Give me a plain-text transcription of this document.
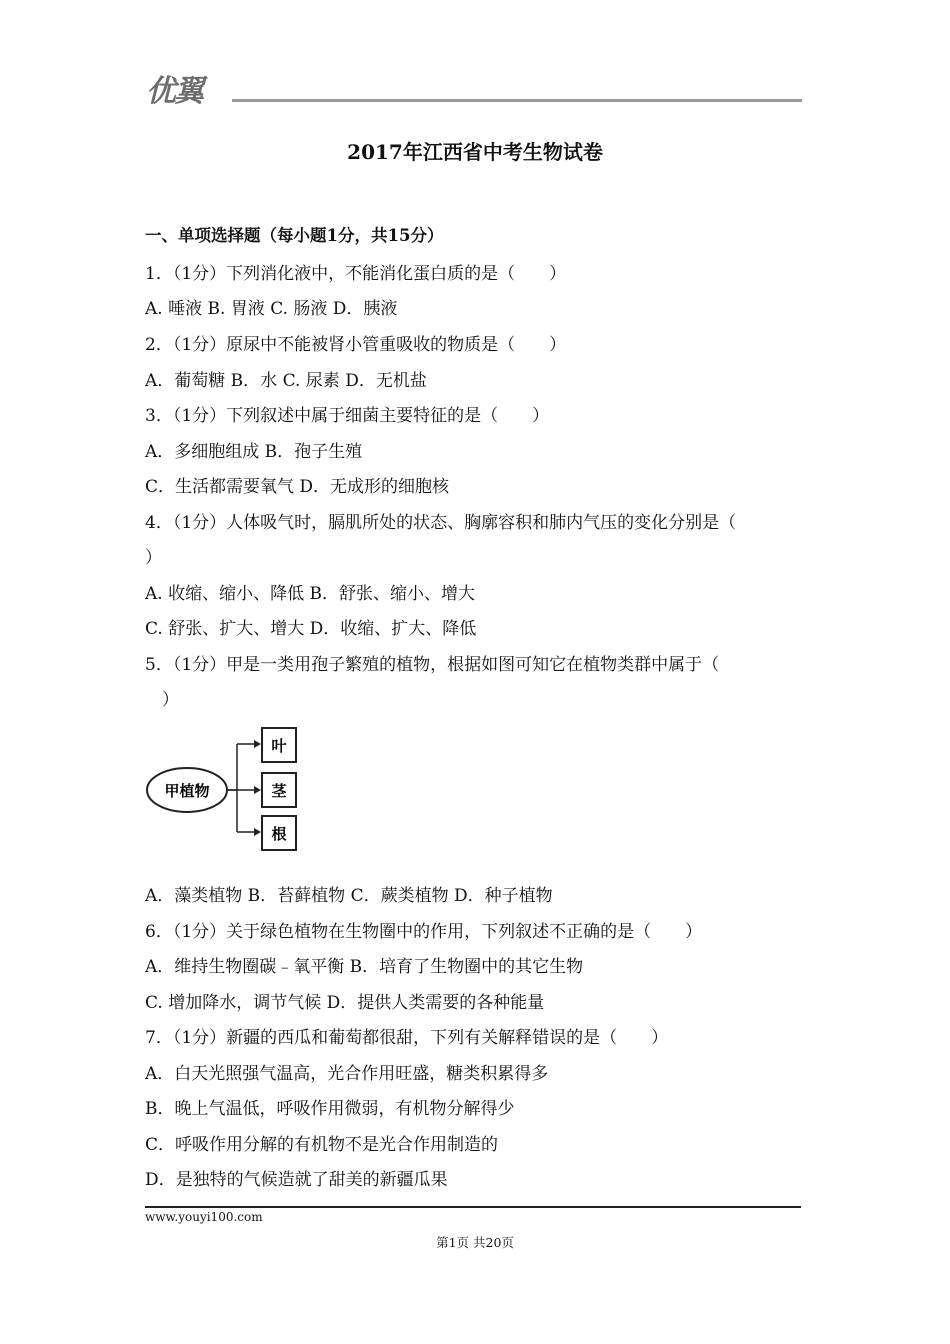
优翼
2017年江西省中考生物试卷
一、单项选择题（每小题1分，共15分）
1．（1分）下列消化液中，不能消化蛋白质的是（　　）
A. 唾液 B. 胃液 C. 肠液 D．胰液
2．（1分）原尿中不能被肾小管重吸收的物质是（　　）
A．葡萄糖 B．水 C. 尿素 D．无机盐
3．（1分）下列叙述中属于细菌主要特征的是（　　）
A．多细胞组成 B．孢子生殖
C．生活都需要氧气 D．无成形的细胞核
4．（1分）人体吸气时，膈肌所处的状态、胸廓容积和肺内气压的变化分别是（
）
A. 收缩、缩小、降低 B．舒张、缩小、增大
C. 舒张、扩大、增大 D．收缩、扩大、降低
5．（1分）甲是一类用孢子繁殖的植物，根据如图可知它在植物类群中属于（
　）
甲植物
叶
茎
根
A．藻类植物 B．苔藓植物 C．蕨类植物 D．种子植物
6．（1分）关于绿色植物在生物圈中的作用，下列叙述不正确的是（　　）
A．维持生物圈碳﹣氧平衡 B．培育了生物圈中的其它生物
C. 增加降水，调节气候 D．提供人类需要的各种能量
7．（1分）新疆的西瓜和葡萄都很甜，下列有关解释错误的是（　　）
A．白天光照强气温高，光合作用旺盛，糖类积累得多
B．晚上气温低，呼吸作用微弱，有机物分解得少
C．呼吸作用分解的有机物不是光合作用制造的
D．是独特的气候造就了甜美的新疆瓜果
www.youyi100.com
第1页 共20页
